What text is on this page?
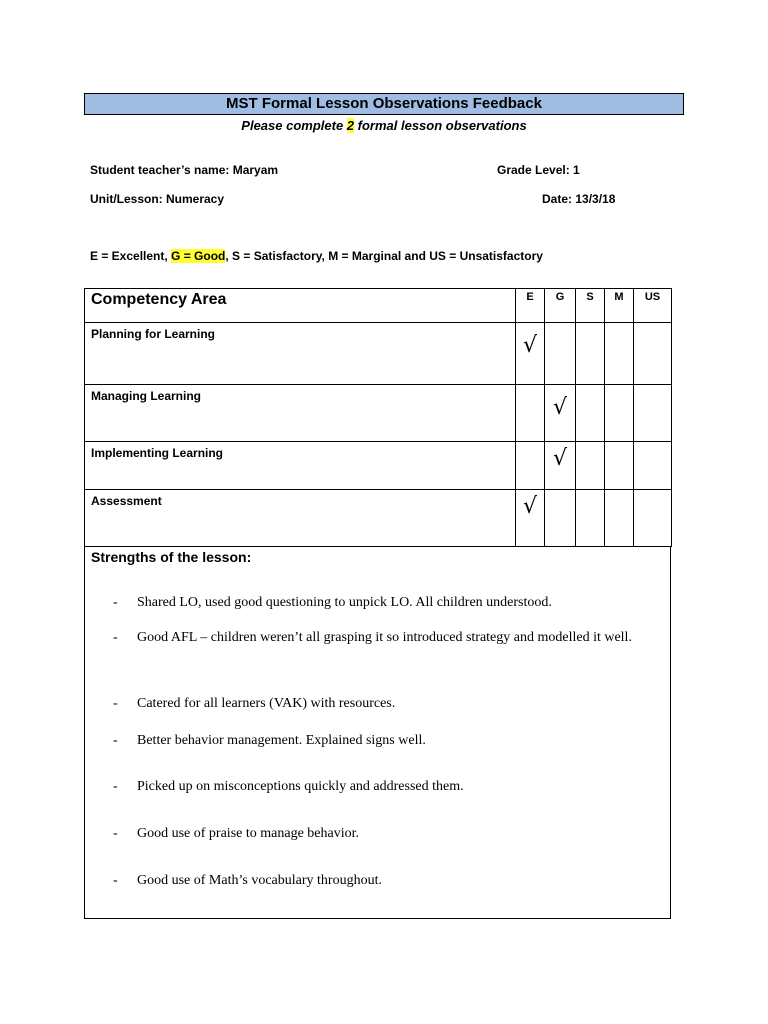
MST Formal Lesson Observations Feedback
Please complete 2 formal lesson observations
Student teacher’s name: Maryam	Grade Level: 1
Unit/Lesson: Numeracy	Date: 13/3/18
E = Excellent, G = Good, S = Satisfactory, M = Marginal and US = Unsatisfactory
Competency Area	E	G	S	M	US
Planning for Learning	√				
Managing Learning		√			
Implementing Learning		√			
Assessment	√				
Strengths of the lesson:
- Shared LO, used good questioning to unpick LO. All children understood.
- Good AFL – children weren’t all grasping it so introduced strategy and modelled it well.
- Catered for all learners (VAK) with resources.
- Better behavior management. Explained signs well.
- Picked up on misconceptions quickly and addressed them.
- Good use of praise to manage behavior.
- Good use of Math’s vocabulary throughout.
